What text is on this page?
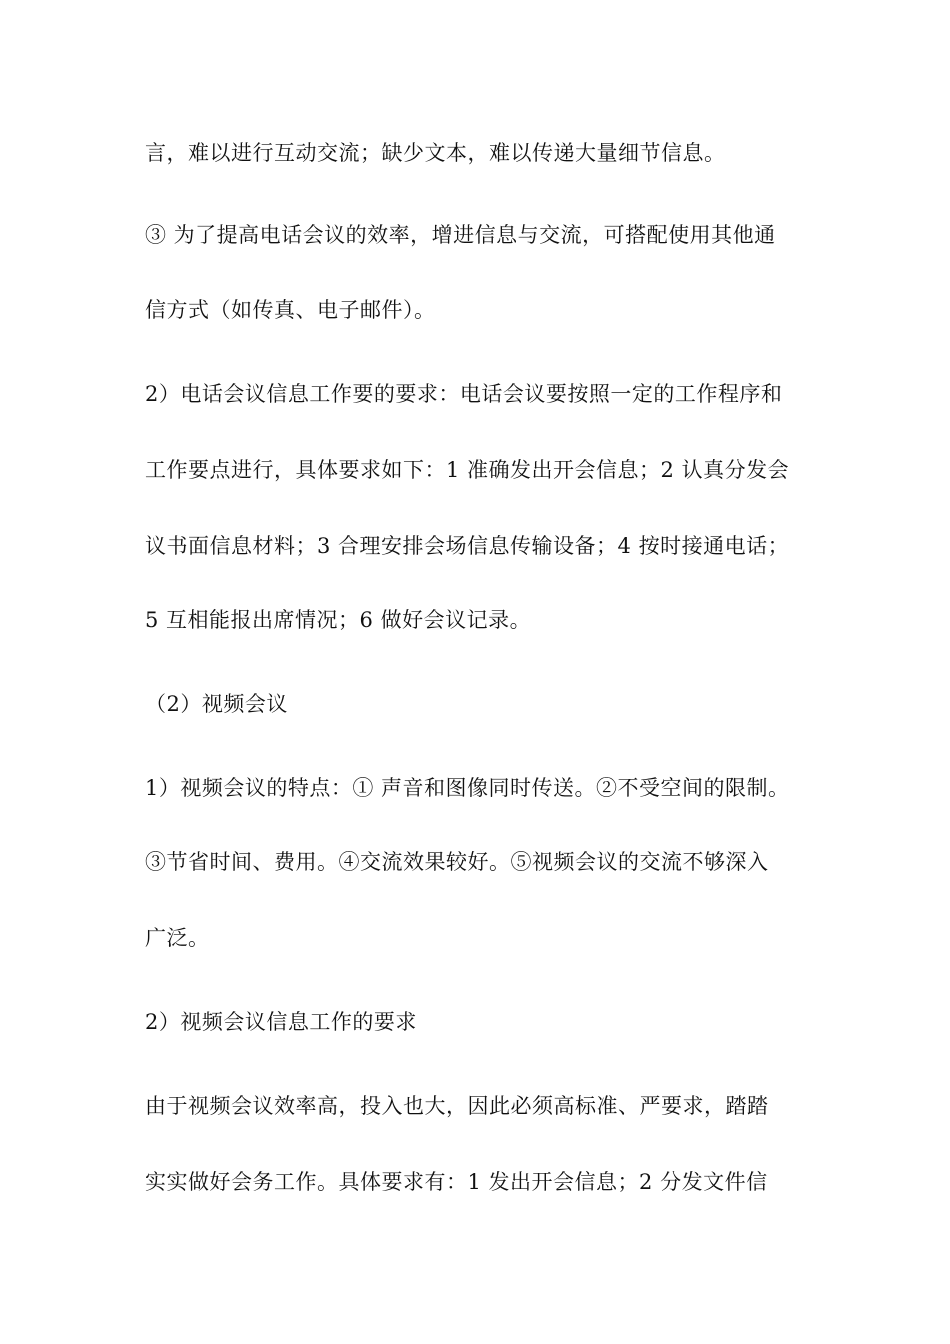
言，难以进行互动交流；缺少文本，难以传递大量细节信息。

③ 为了提高电话会议的效率，增进信息与交流，可搭配使用其他通

信方式（如传真、电子邮件）。

2）电话会议信息工作要的要求：电话会议要按照一定的工作程序和

工作要点进行，具体要求如下：1 准确发出开会信息；2 认真分发会

议书面信息材料；3 合理安排会场信息传输设备；4 按时接通电话；

5 互相能报出席情况；6 做好会议记录。

（2）视频会议

1）视频会议的特点：① 声音和图像同时传送。②不受空间的限制。

③节省时间、费用。④交流效果较好。⑤视频会议的交流不够深入

广泛。

2）视频会议信息工作的要求

由于视频会议效率高，投入也大，因此必须高标准、严要求，踏踏

实实做好会务工作。具体要求有：1 发出开会信息；2 分发文件信
